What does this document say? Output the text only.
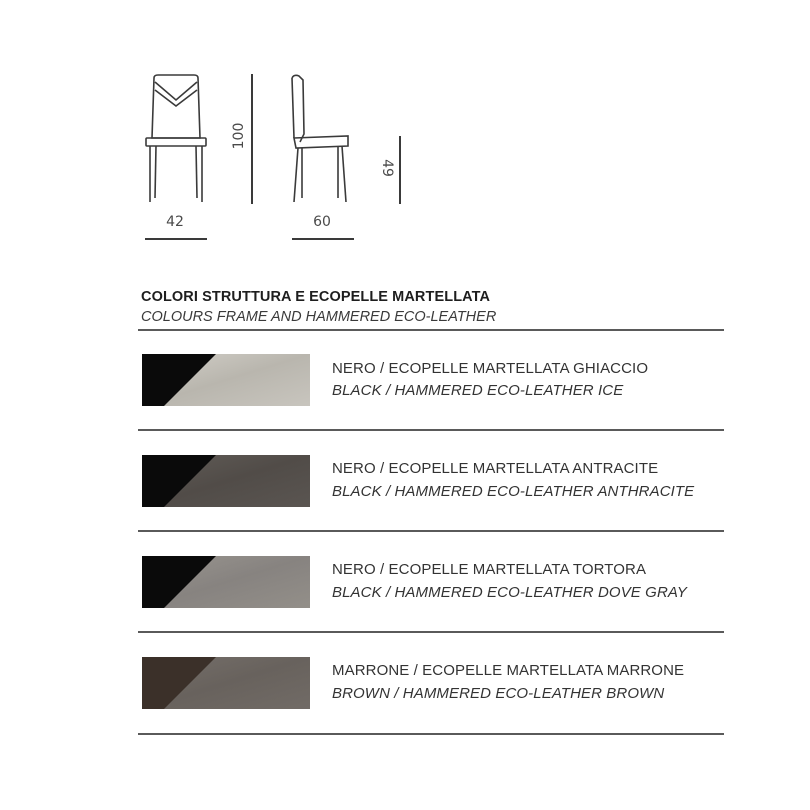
100
49
42	60
COLORI STRUTTURA E ECOPELLE MARTELLATA
COLOURS FRAME AND HAMMERED ECO-LEATHER
NERO / ECOPELLE MARTELLATA GHIACCIO
BLACK / HAMMERED ECO-LEATHER ICE
NERO / ECOPELLE MARTELLATA ANTRACITE
BLACK / HAMMERED ECO-LEATHER ANTHRACITE
NERO / ECOPELLE MARTELLATA TORTORA
BLACK / HAMMERED ECO-LEATHER DOVE GRAY
MARRONE / ECOPELLE MARTELLATA MARRONE
BROWN / HAMMERED ECO-LEATHER BROWN
